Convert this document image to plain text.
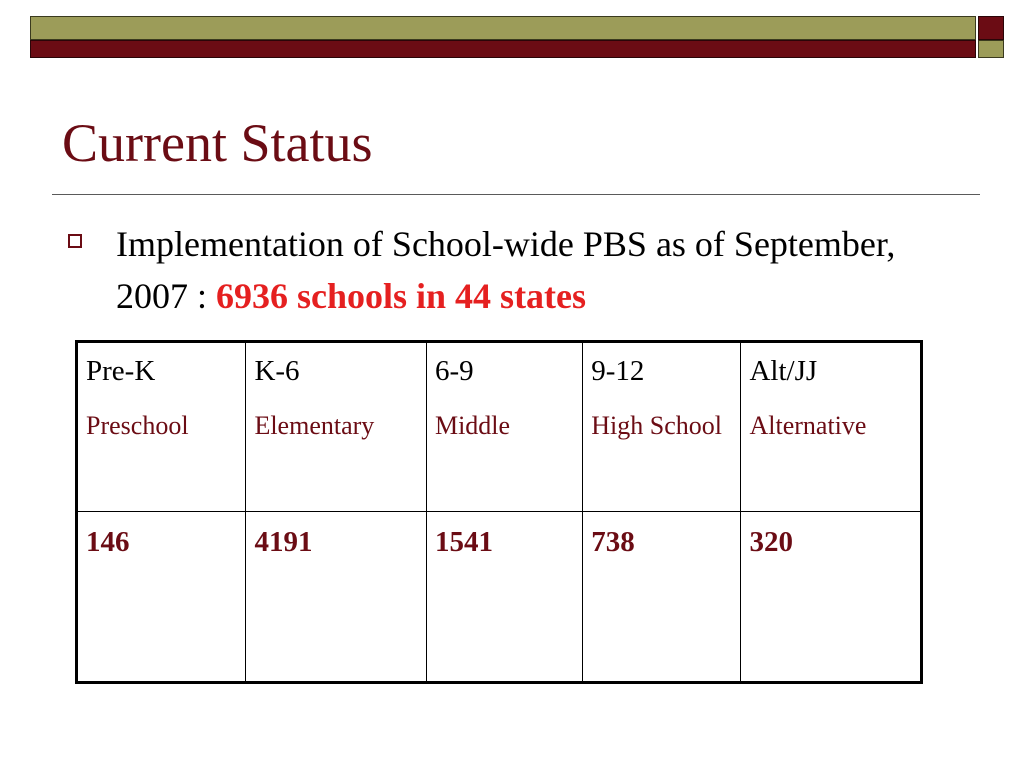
Current Status
Implementation of School-wide PBS as of September, 2007 : 6936 schools in 44 states
Pre-K	K-6	6-9	9-12	Alt/JJ
Preschool	Elementary	Middle	High School	Alternative
146	4191	1541	738	320
